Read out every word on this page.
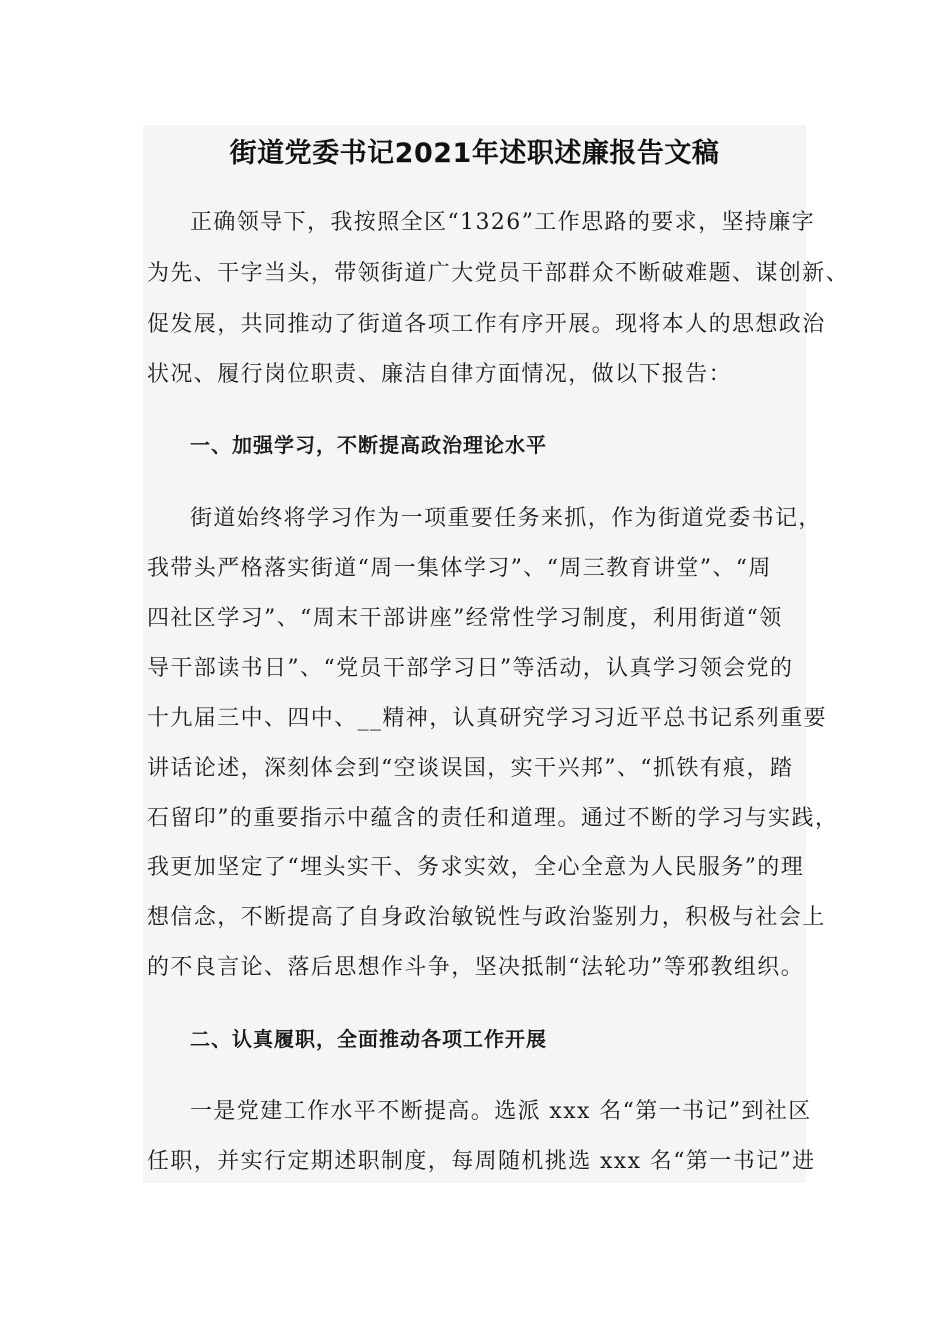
街道党委书记2021年述职述廉报告文稿
正确领导下，我按照全区“1326”工作思路的要求，坚持廉字
为先、干字当头，带领街道广大党员干部群众不断破难题、谋创新、
促发展，共同推动了街道各项工作有序开展。现将本人的思想政治
状况、履行岗位职责、廉洁自律方面情况，做以下报告：
一、加强学习，不断提高政治理论水平
街道始终将学习作为一项重要任务来抓，作为街道党委书记，
我带头严格落实街道“周一集体学习”、“周三教育讲堂”、“周
四社区学习”、“周末干部讲座”经常性学习制度，利用街道“领
导干部读书日”、“党员干部学习日”等活动，认真学习领会党的
十九届三中、四中、__精神，认真研究学习习近平总书记系列重要
讲话论述，深刻体会到“空谈误国，实干兴邦”、“抓铁有痕，踏
石留印”的重要指示中蕴含的责任和道理。通过不断的学习与实践，
我更加坚定了“埋头实干、务求实效，全心全意为人民服务”的理
想信念，不断提高了自身政治敏锐性与政治鉴别力，积极与社会上
的不良言论、落后思想作斗争，坚决抵制“法轮功”等邪教组织。
二、认真履职，全面推动各项工作开展
一是党建工作水平不断提高。选派 xxx 名“第一书记”到社区
任职，并实行定期述职制度，每周随机挑选 xxx 名“第一书记”进
